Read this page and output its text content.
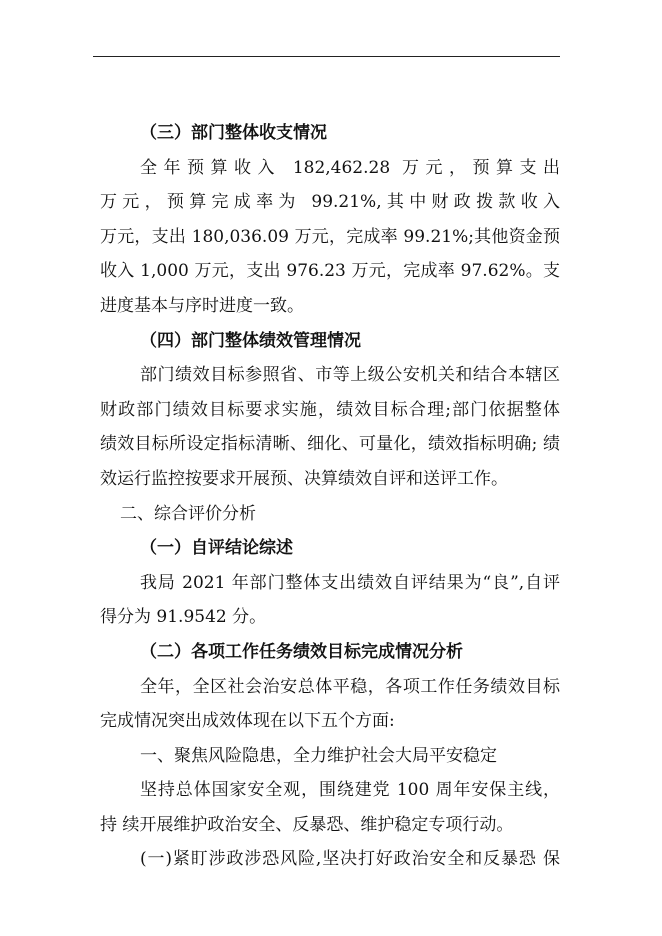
（三）部门整体收支情况
全年预算收入 182,462.28 万元，预算支出
万元，预算完成率为 99.21%,其中财政拨款收入
万元，支出 180,036.09 万元，完成率 99.21%;其他资金预
收入 1,000 万元，支出 976.23 万元，完成率 97.62%。支
进度基本与序时进度一致。
（四）部门整体绩效管理情况
部门绩效目标参照省、市等上级公安机关和结合本辖区
财政部门绩效目标要求实施，绩效目标合理;部门依据整体
绩效目标所设定指标清晰、细化、可量化，绩效指标明确; 绩
效运行监控按要求开展预、决算绩效自评和送评工作。
二、综合评价分析
（一）自评结论综述
我局 2021 年部门整体支出绩效自评结果为“良”,自评
得分为 91.9542 分。
（二）各项工作任务绩效目标完成情况分析
全年，全区社会治安总体平稳，各项工作任务绩效目标
完成情况突出成效体现在以下五个方面:
一、聚焦风险隐患，全力维护社会大局平安稳定
坚持总体国家安全观，围绕建党 100 周年安保主线，
持 续开展维护政治安全、反暴恐、维护稳定专项行动。
(一)紧盯涉政涉恐风险,坚决打好政治安全和反暴恐 保
